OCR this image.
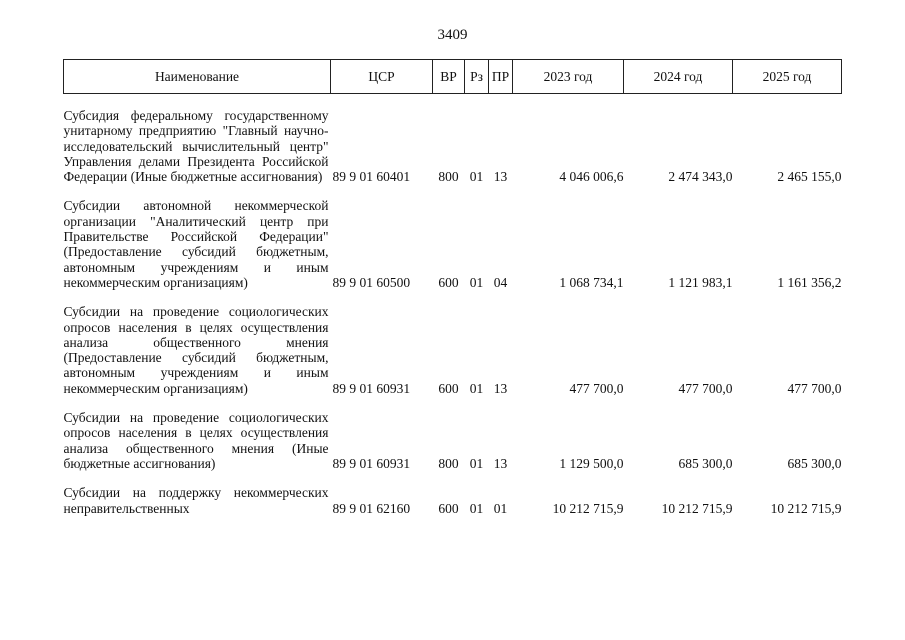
3409
Наименование	ЦСР	ВР	Рз	ПР	2023 год	2024 год	2025 год
Субсидия федеральному государственному унитарному предприятию "Главный научно-исследовательский вычислительный центр" Управления делами Президента Российской Федерации (Иные бюджетные ассигнования)	89 9 01 60401	800	01	13	4 046 006,6	2 474 343,0	2 465 155,0
Субсидии автономной некоммерческой организации "Аналитический центр при Правительстве Российской Федерации" (Предоставление субсидий бюджетным, автономным учреждениям и иным некоммерческим организациям)	89 9 01 60500	600	01	04	1 068 734,1	1 121 983,1	1 161 356,2
Субсидии на проведение социологических опросов населения в целях осуществления анализа общественного мнения (Предоставление субсидий бюджетным, автономным учреждениям и иным некоммерческим организациям)	89 9 01 60931	600	01	13	477 700,0	477 700,0	477 700,0
Субсидии на проведение социологических опросов населения в целях осуществления анализа общественного мнения (Иные бюджетные ассигнования)	89 9 01 60931	800	01	13	1 129 500,0	685 300,0	685 300,0
Субсидии на поддержку некоммерческих неправительственных	89 9 01 62160	600	01	01	10 212 715,9	10 212 715,9	10 212 715,9
